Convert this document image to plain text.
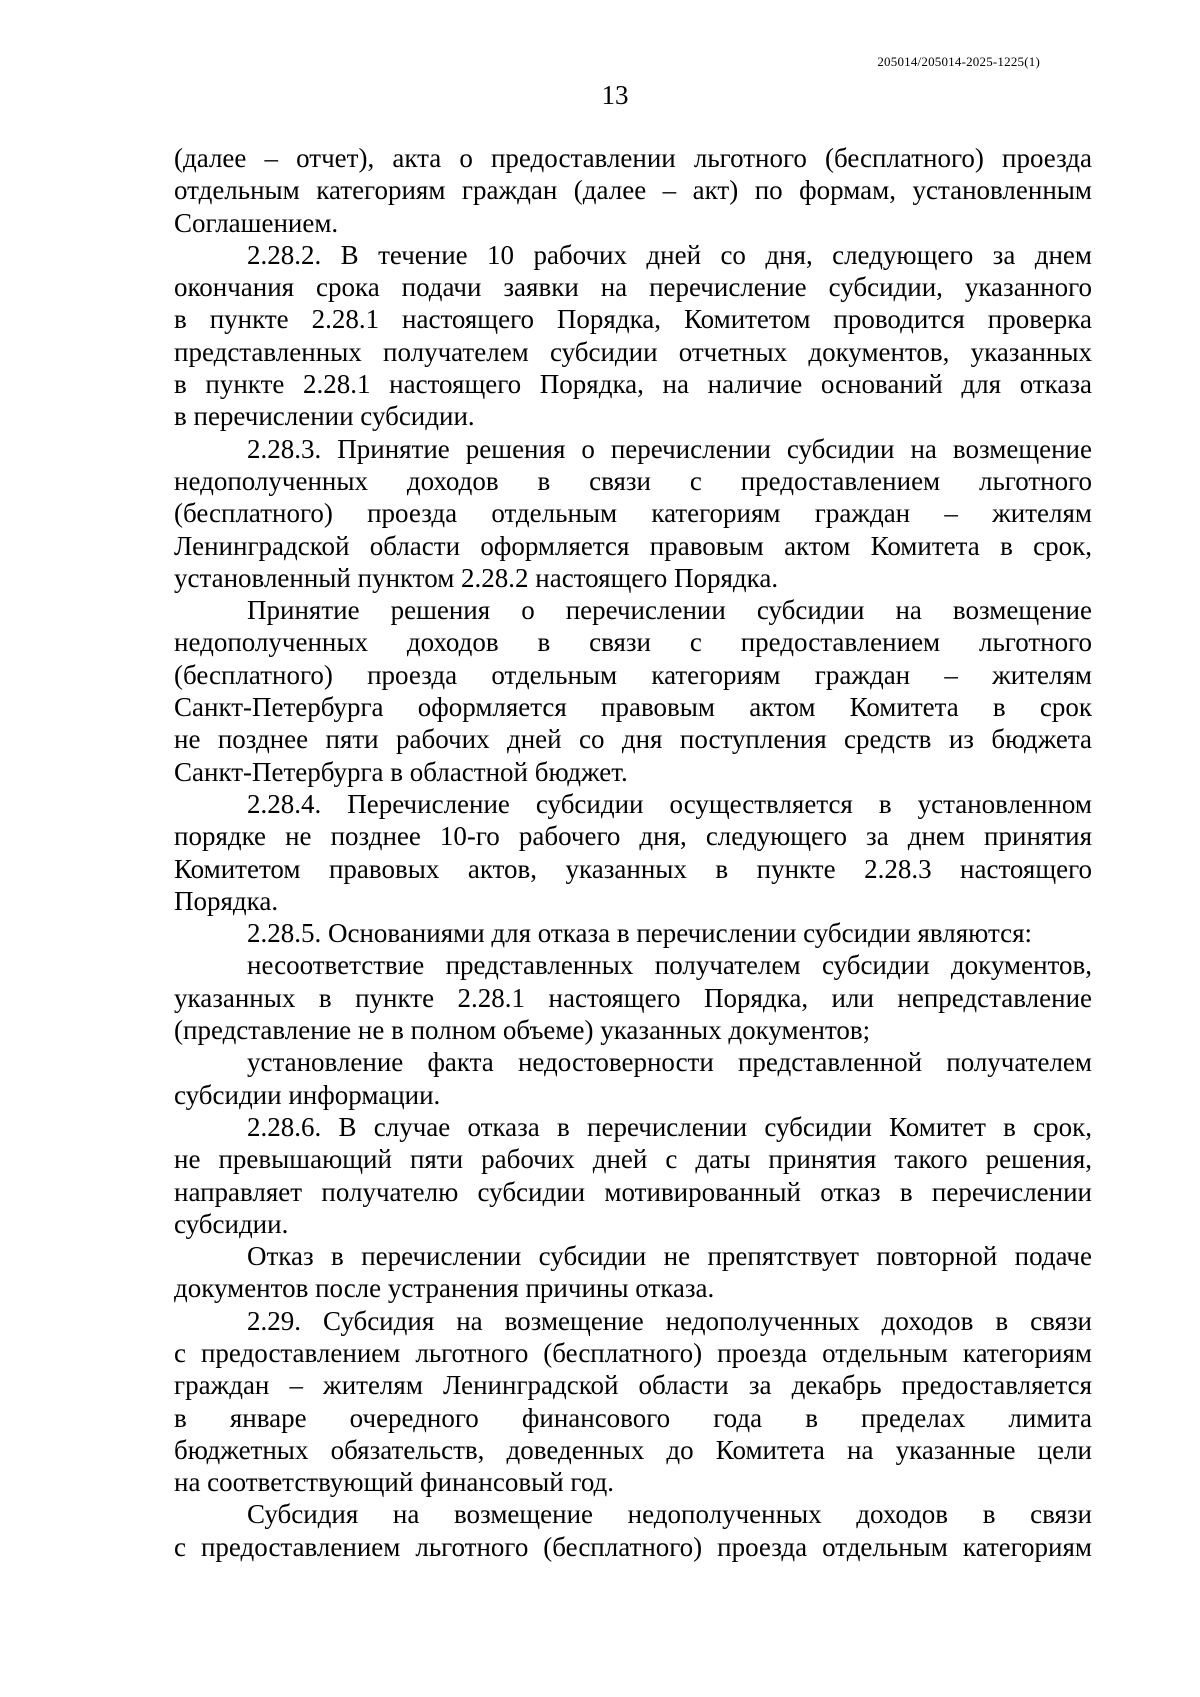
205014/205014-2025-1225(1)
13

(далее – отчет), акта о предоставлении льготного (бесплатного) проезда
отдельным категориям граждан (далее – акт) по формам, установленным
Соглашением.

2.28.2. В течение 10 рабочих дней со дня, следующего за днем
окончания срока подачи заявки на перечисление субсидии, указанного
в пункте 2.28.1 настоящего Порядка, Комитетом проводится проверка
представленных получателем субсидии отчетных документов, указанных
в пункте 2.28.1 настоящего Порядка, на наличие оснований для отказа
в перечислении субсидии.

2.28.3. Принятие решения о перечислении субсидии на возмещение
недополученных доходов в связи с предоставлением льготного
(бесплатного) проезда отдельным категориям граждан – жителям
Ленинградской области оформляется правовым актом Комитета в срок,
установленный пунктом 2.28.2 настоящего Порядка.

Принятие решения о перечислении субсидии на возмещение
недополученных доходов в связи с предоставлением льготного
(бесплатного) проезда отдельным категориям граждан – жителям
Санкт-Петербурга оформляется правовым актом Комитета в срок
не позднее пяти рабочих дней со дня поступления средств из бюджета
Санкт-Петербурга в областной бюджет.

2.28.4. Перечисление субсидии осуществляется в установленном
порядке не позднее 10-го рабочего дня, следующего за днем принятия
Комитетом правовых актов, указанных в пункте 2.28.3 настоящего
Порядка.

2.28.5. Основаниями для отказа в перечислении субсидии являются:

несоответствие представленных получателем субсидии документов,
указанных в пункте 2.28.1 настоящего Порядка, или непредставление
(представление не в полном объеме) указанных документов;

установление факта недостоверности представленной получателем
субсидии информации.

2.28.6. В случае отказа в перечислении субсидии Комитет в срок,
не превышающий пяти рабочих дней с даты принятия такого решения,
направляет получателю субсидии мотивированный отказ в перечислении
субсидии.

Отказ в перечислении субсидии не препятствует повторной подаче
документов после устранения причины отказа.

2.29. Субсидия на возмещение недополученных доходов в связи
с предоставлением льготного (бесплатного) проезда отдельным категориям
граждан – жителям Ленинградской области за декабрь предоставляется
в январе очередного финансового года в пределах лимита
бюджетных обязательств, доведенных до Комитета на указанные цели
на соответствующий финансовый год.

Субсидия на возмещение недополученных доходов в связи
с предоставлением льготного (бесплатного) проезда отдельным категориям
